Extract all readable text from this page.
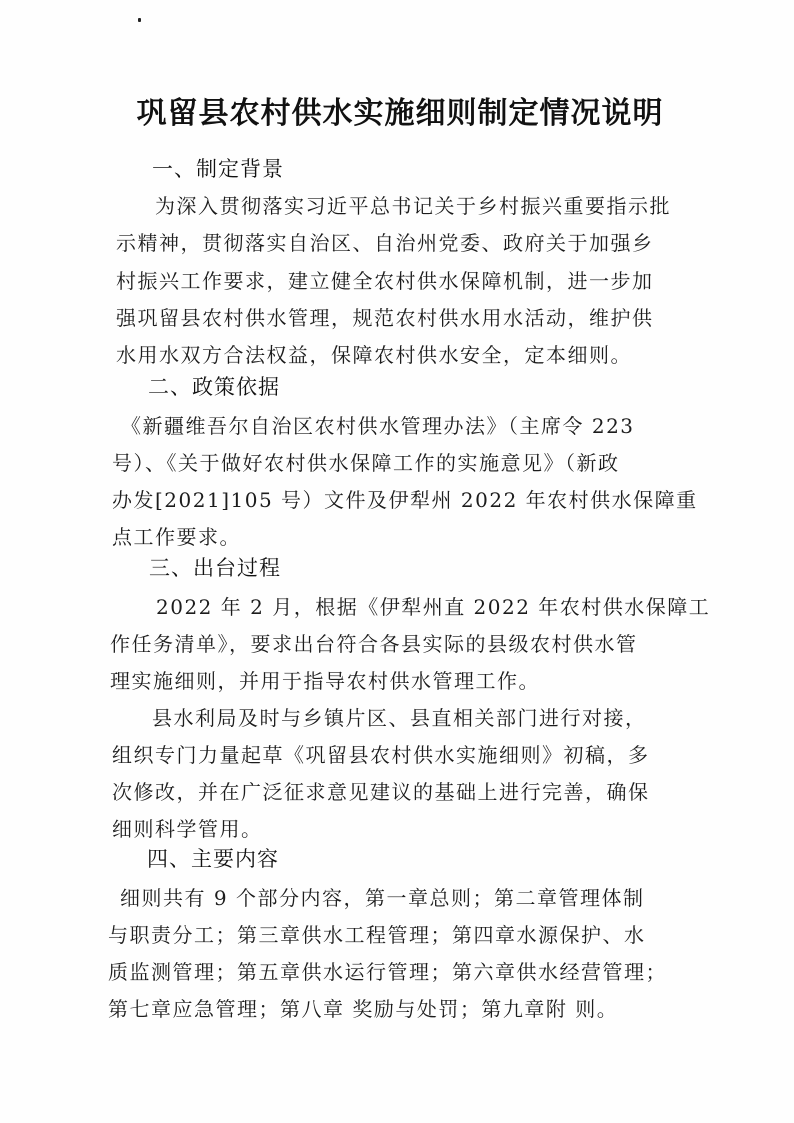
巩留县农村供水实施细则制定情况说明
一、制定背景
为深入贯彻落实习近平总书记关于乡村振兴重要指示批
示精神，贯彻落实自治区、自治州党委、政府关于加强乡
村振兴工作要求，建立健全农村供水保障机制，进一步加
强巩留县农村供水管理，规范农村供水用水活动，维护供
水用水双方合法权益，保障农村供水安全，定本细则。
二、政策依据
《新疆维吾尔自治区农村供水管理办法》（主席令 223
号）、《关于做好农村供水保障工作的实施意见》（新政
办发[2021]105 号）文件及伊犁州 2022 年农村供水保障重
点工作要求。
三、出台过程
2022 年 2 月，根据《伊犁州直 2022 年农村供水保障工
作任务清单》，要求出台符合各县实际的县级农村供水管
理实施细则，并用于指导农村供水管理工作。
县水利局及时与乡镇片区、县直相关部门进行对接，
组织专门力量起草《巩留县农村供水实施细则》初稿，多
次修改，并在广泛征求意见建议的基础上进行完善，确保
细则科学管用。
四、主要内容
细则共有 9 个部分内容，第一章总则；第二章管理体制
与职责分工；第三章供水工程管理；第四章水源保护、水
质监测管理；第五章供水运行管理；第六章供水经营管理；
第七章应急管理；第八章 奖励与处罚；第九章附 则。
